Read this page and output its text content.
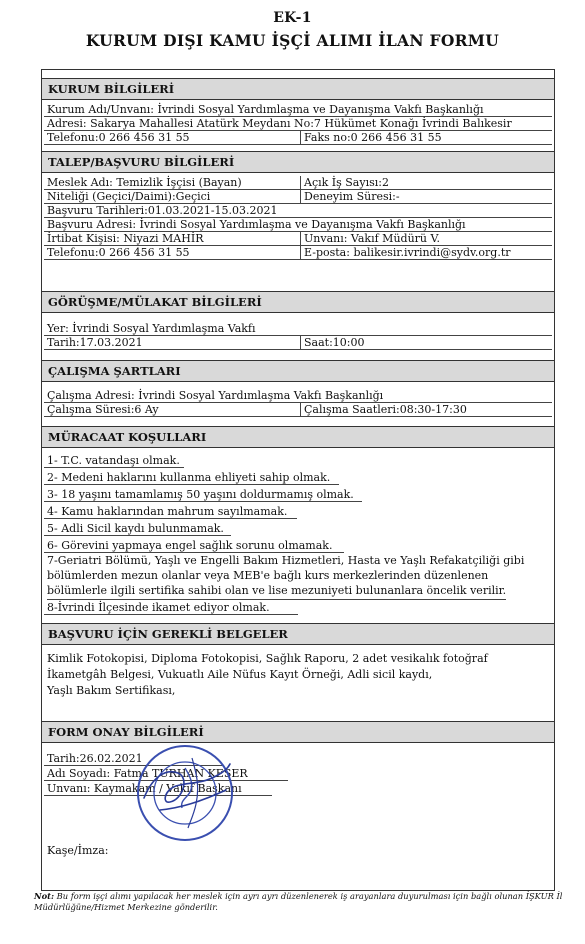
EK-1
KURUM DIŞI KAMU İŞÇİ ALIMI İLAN FORMU
KURUM BİLGİLERİ
Kurum Adı/Unvanı: İvrindi Sosyal Yardımlaşma ve Dayanışma Vakfı Başkanlığı
Adresi: Sakarya Mahallesi Atatürk Meydanı No:7 Hükümet Konağı İvrindi Balıkesir
Telefonu:0 266 456 31 55	Faks no:0 266 456 31 55
TALEP/BAŞVURU BİLGİLERİ
Meslek Adı: Temizlik İşçisi (Bayan)	Açık İş Sayısı:2
Niteliği (Geçici/Daimi):Geçici	Deneyim Süresi:-
Başvuru Tarihleri:01.03.2021-15.03.2021
Başvuru Adresi: İvrindi Sosyal Yardımlaşma ve Dayanışma Vakfı Başkanlığı
İrtibat Kişisi: Niyazi MAHİR	Unvanı: Vakıf Müdürü V.
Telefonu:0 266 456 31 55	E-posta: balikesir.ivrindi@sydv.org.tr
GÖRÜŞME/MÜLAKAT BİLGİLERİ
Yer: İvrindi Sosyal Yardımlaşma Vakfı
Tarih:17.03.2021	Saat:10:00
ÇALIŞMA ŞARTLARI
Çalışma Adresi: İvrindi Sosyal Yardımlaşma Vakfı Başkanlığı
Çalışma Süresi:6 Ay	Çalışma Saatleri:08:30-17:30
MÜRACAAT KOŞULLARI
1- T.C. vatandaşı olmak.
2- Medeni haklarını kullanma ehliyeti sahip olmak.
3- 18 yaşını tamamlamış 50 yaşını doldurmamış olmak.
4- Kamu haklarından mahrum sayılmamak.
5- Adli Sicil kaydı bulunmamak.
6- Görevini yapmaya engel sağlık sorunu olmamak.
7-Geriatri Bölümü, Yaşlı ve Engelli Bakım Hizmetleri, Hasta ve Yaşlı Refakatçiliği gibi
bölümlerden mezun olanlar veya MEB'e bağlı kurs merkezlerinden düzenlenen
bölümlerle ilgili sertifika sahibi olan ve lise mezuniyeti bulunanlara öncelik verilir.
8-İvrindi İlçesinde ikamet ediyor olmak.
BAŞVURU İÇİN GEREKLİ BELGELER
Kimlik Fotokopisi, Diploma Fotokopisi, Sağlık Raporu, 2 adet vesikalık fotoğraf
İkametgâh Belgesi, Vukuatlı Aile Nüfus Kayıt Örneği, Adli sicil kaydı,
Yaşlı Bakım Sertifikası,
FORM ONAY BİLGİLERİ
Tarih:26.02.2021
Adı Soyadı: Fatma TURHAN KESER
Unvanı: Kaymakam / Vakıf Başkanı
Kaşe/İmza:
Not: Bu form işçi alımı yapılacak her meslek için ayrı ayrı düzenlenerek iş arayanlara duyurulması için bağlı olunan İŞKUR İl Müdürlüğüne/Hizmet Merkezine gönderilir.
